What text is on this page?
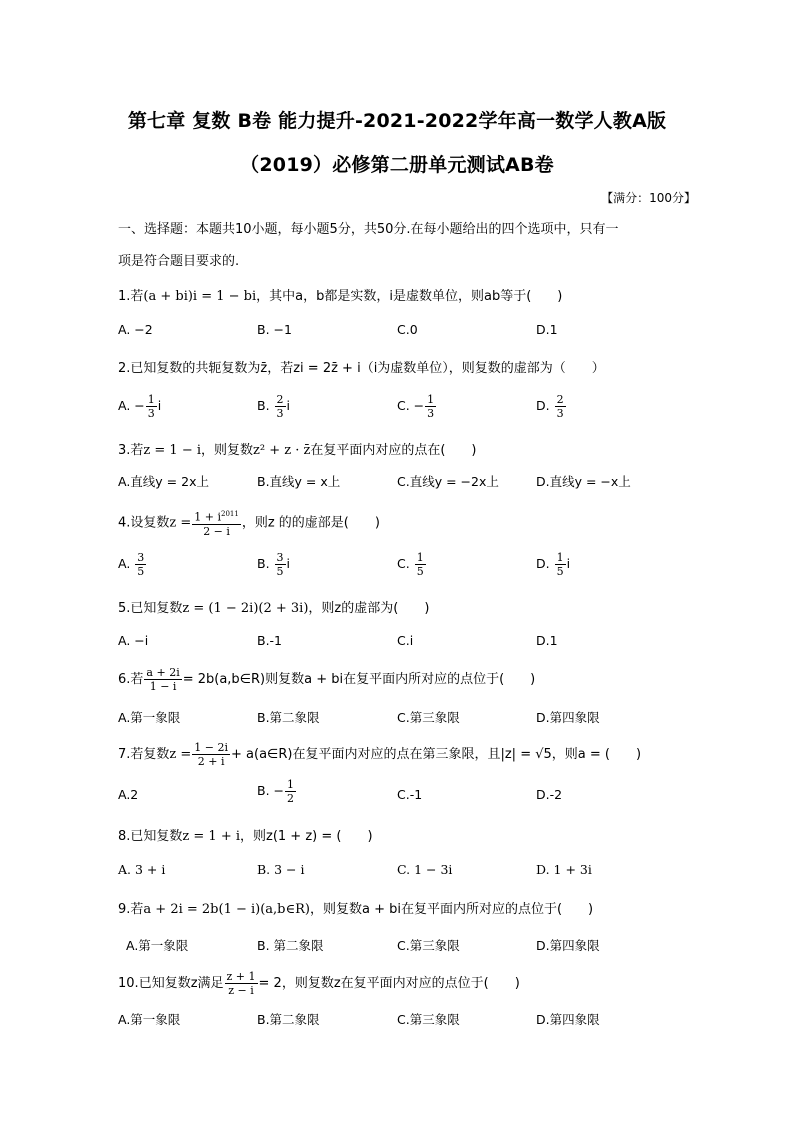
第七章 复数 B卷 能力提升-2021-2022学年高一数学人教A版
（2019）必修第二册单元测试AB卷
【满分：100分】
一、选择题：本题共10小题，每小题5分，共50分.在每小题给出的四个选项中，只有一
项是符合题目要求的.
1.若(a + bi)i = 1 − bi，其中a，b都是实数，i是虚数单位，则ab等于(　　)
A. −2	B. −1	C.0	D.1
2.已知复数的共轭复数为z̄，若zi = 2z̄ + i（i为虚数单位），则复数的虚部为（　　）
A. − $\frac{1}{3}$ i	B. $\frac{2}{3}$ i	C. − $\frac{1}{3}$	D. $\frac{2}{3}$
3.若z = 1 − i，则复数z² + z · z̄在复平面内对应的点在(　　)
A.直线y = 2x上	B.直线y = x上	C.直线y = −2x上	D.直线y = −x上
4.设复数$z = \frac{1 + i^{2011}}{2 - i}$ ，则z 的的虚部是(　　)
A. $\frac{3}{5}$	B. $\frac{3}{5}$ i	C. $\frac{1}{5}$	D. $\frac{1}{5}$ i
5.已知复数z = (1 − 2i)(2 + 3i)，则z的虚部为(　　)
A. −i	B.-1	C.i	D.1
6.若 $\frac{a + 2i}{1 - i}$ = 2b(a,b∈R)则复数a + bi在复平面内所对应的点位于(　　)
A.第一象限	B.第二象限	C.第三象限	D.第四象限
7.若复数$z = \frac{1 - 2i}{2 + i}$ + a(a∈R)在复平面内对应的点在第三象限，且|z| = √5，则a = (　　)
A.2	B. − $\frac{1}{2}$	C.-1	D.-2
8.已知复数z = 1 + i，则z(1 + z) = (　　)
A. 3 + i	B. 3 − i	C. 1 − 3i	D. 1 + 3i
9.若a + 2i = 2b(1 − i)(a,b∈R)，则复数a + bi在复平面内所对应的点位于(　　)
A.第一象限	B. 第二象限	C.第三象限	D.第四象限
10.已知复数z满足 $\frac{z + 1}{z - i} = 2$，则复数z在复平面内对应的点位于(　　)
A.第一象限	B.第二象限	C.第三象限	D.第四象限
